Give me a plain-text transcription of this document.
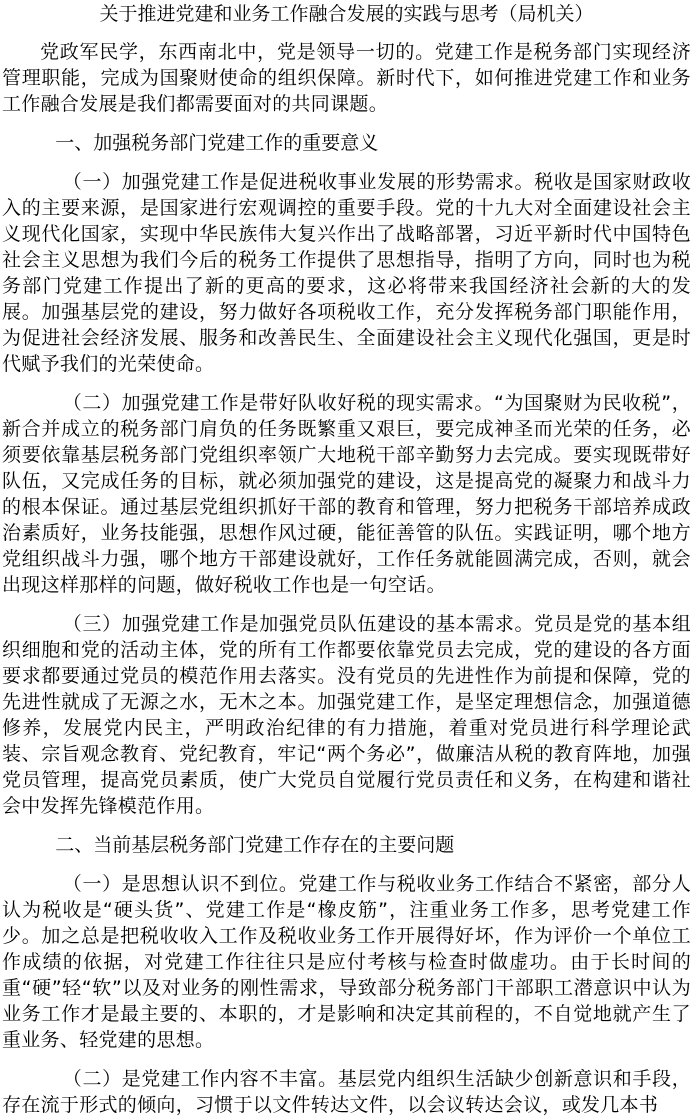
关于推进党建和业务工作融合发展的实践与思考（局机关）

党政军民学，东西南北中，党是领导一切的。党建工作是税务部门实现经济管理职能，完成为国聚财使命的组织保障。新时代下，如何推进党建工作和业务工作融合发展是我们都需要面对的共同课题。

一、加强税务部门党建工作的重要意义

（一）加强党建工作是促进税收事业发展的形势需求。税收是国家财政收入的主要来源，是国家进行宏观调控的重要手段。党的十九大对全面建设社会主义现代化国家，实现中华民族伟大复兴作出了战略部署，习近平新时代中国特色社会主义思想为我们今后的税务工作提供了思想指导，指明了方向，同时也为税务部门党建工作提出了新的更高的要求，这必将带来我国经济社会新的大的发展。加强基层党的建设，努力做好各项税收工作，充分发挥税务部门职能作用，为促进社会经济发展、服务和改善民生、全面建设社会主义现代化强国，更是时代赋予我们的光荣使命。

（二）加强党建工作是带好队收好税的现实需求。“为国聚财为民收税”，新合并成立的税务部门肩负的任务既繁重又艰巨，要完成神圣而光荣的任务，必须要依靠基层税务部门党组织率领广大地税干部辛勤努力去完成。要实现既带好队伍，又完成任务的目标，就必须加强党的建设，这是提高党的凝聚力和战斗力的根本保证。通过基层党组织抓好干部的教育和管理，努力把税务干部培养成政治素质好，业务技能强，思想作风过硬，能征善管的队伍。实践证明，哪个地方党组织战斗力强，哪个地方干部建设就好，工作任务就能圆满完成，否则，就会出现这样那样的问题，做好税收工作也是一句空话。

（三）加强党建工作是加强党员队伍建设的基本需求。党员是党的基本组织细胞和党的活动主体，党的所有工作都要依靠党员去完成，党的建设的各方面要求都要通过党员的模范作用去落实。没有党员的先进性作为前提和保障，党的先进性就成了无源之水，无木之本。加强党建工作，是坚定理想信念，加强道德修养，发展党内民主，严明政治纪律的有力措施，着重对党员进行科学理论武装、宗旨观念教育、党纪教育，牢记“两个务必”，做廉洁从税的教育阵地，加强党员管理，提高党员素质，使广大党员自觉履行党员责任和义务，在构建和谐社会中发挥先锋模范作用。

二、当前基层税务部门党建工作存在的主要问题

（一）是思想认识不到位。党建工作与税收业务工作结合不紧密，部分人认为税收是“硬头货”、党建工作是“橡皮筋”，注重业务工作多，思考党建工作少。加之总是把税收收入工作及税收业务工作开展得好坏，作为评价一个单位工作成绩的依据，对党建工作往往只是应付考核与检查时做虚功。由于长时间的重“硬”轻“软”以及对业务的刚性需求，导致部分税务部门干部职工潜意识中认为业务工作才是最主要的、本职的，才是影响和决定其前程的，不自觉地就产生了重业务、轻党建的思想。

（二）是党建工作内容不丰富。基层党内组织生活缺少创新意识和手段，存在流于形式的倾向，习惯于以文件转达文件，以会议转达会议，或发几本书
